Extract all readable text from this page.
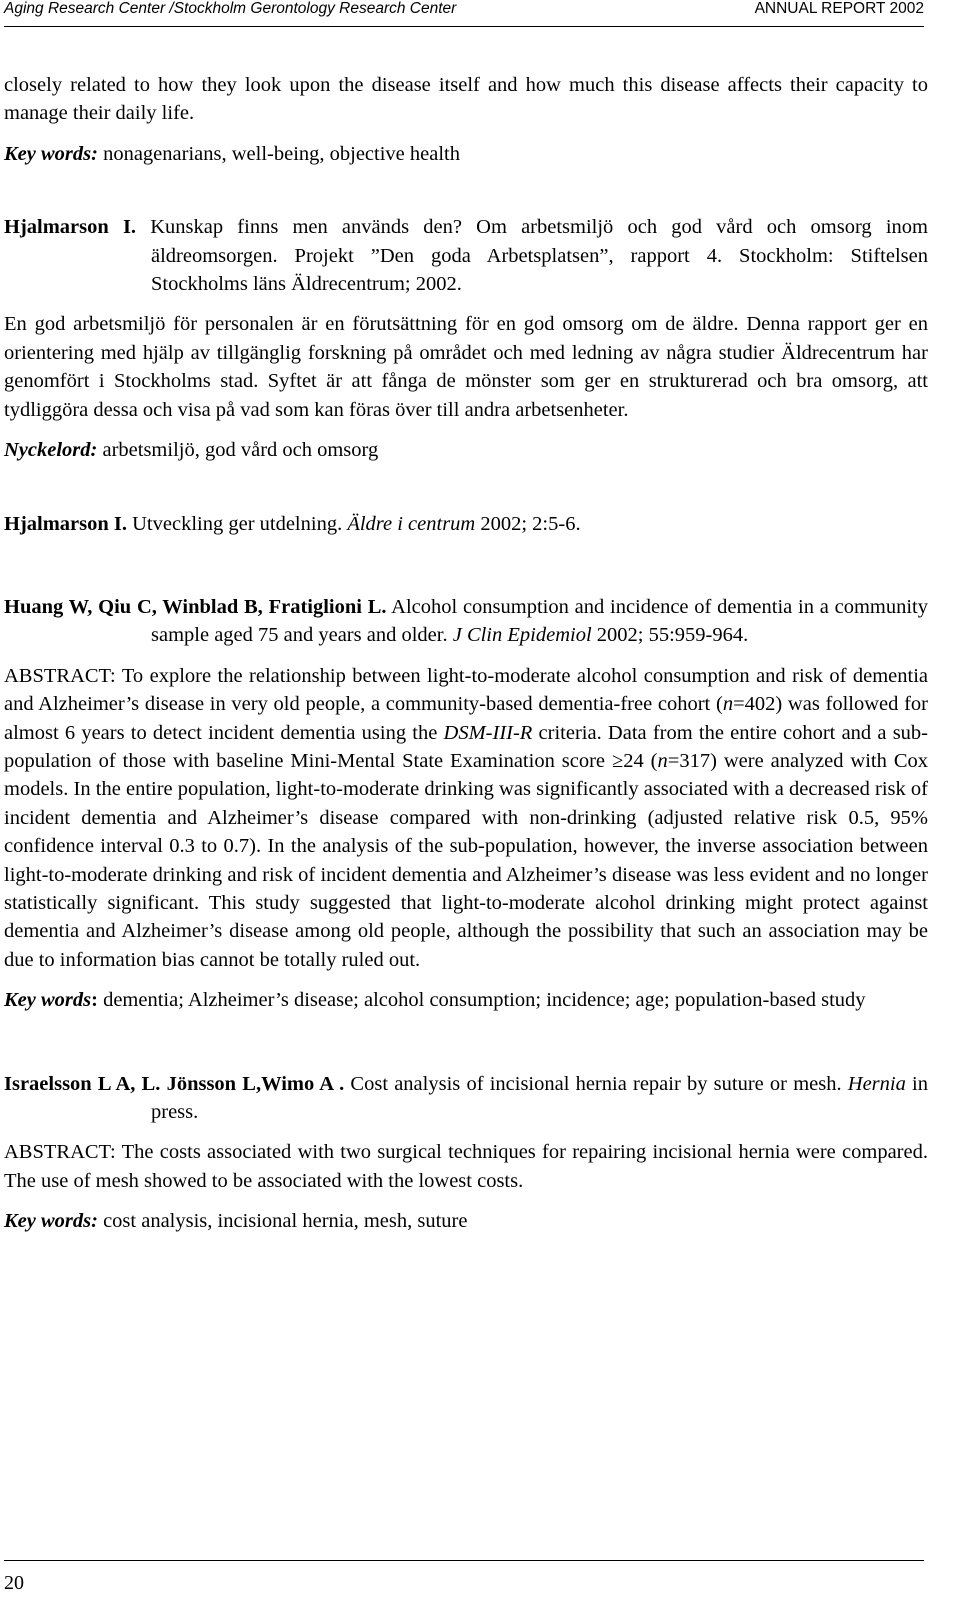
Aging Research Center /Stockholm Gerontology Research Center	ANNUAL REPORT 2002

closely related to how they look upon the disease itself and how much this disease affects their capacity to manage their daily life.

Key words: nonagenarians, well-being, objective health

Hjalmarson I. Kunskap finns men används den? Om arbetsmiljö och god vård och omsorg inom äldreomsorgen. Projekt ”Den goda Arbetsplatsen”, rapport 4. Stockholm: Stiftelsen Stockholms läns Äldrecentrum; 2002.

En god arbetsmiljö för personalen är en förutsättning för en god omsorg om de äldre. Denna rapport ger en orientering med hjälp av tillgänglig forskning på området och med ledning av några studier Äldrecentrum har genomfört i Stockholms stad. Syftet är att fånga de mönster som ger en strukturerad och bra omsorg, att tydliggöra dessa och visa på vad som kan föras över till andra arbetsenheter.

Nyckelord: arbetsmiljö, god vård och omsorg

Hjalmarson I. Utveckling ger utdelning. Äldre i centrum 2002; 2:5-6.

Huang W, Qiu C, Winblad B, Fratiglioni L. Alcohol consumption and incidence of dementia in a community sample aged 75 and years and older. J Clin Epidemiol 2002; 55:959-964.

ABSTRACT: To explore the relationship between light-to-moderate alcohol consumption and risk of dementia and Alzheimer’s disease in very old people, a community-based dementia-free cohort (n=402) was followed for almost 6 years to detect incident dementia using the DSM-III-R criteria. Data from the entire cohort and a sub-population of those with baseline Mini-Mental State Examination score ≥24 (n=317) were analyzed with Cox models. In the entire population, light-to-moderate drinking was significantly associated with a decreased risk of incident dementia and Alzheimer’s disease compared with non-drinking (adjusted relative risk 0.5, 95% confidence interval 0.3 to 0.7). In the analysis of the sub-population, however, the inverse association between light-to-moderate drinking and risk of incident dementia and Alzheimer’s disease was less evident and no longer statistically significant. This study suggested that light-to-moderate alcohol drinking might protect against dementia and Alzheimer’s disease among old people, although the possibility that such an association may be due to information bias cannot be totally ruled out.

Key words: dementia; Alzheimer’s disease; alcohol consumption; incidence; age; population-based study

Israelsson L A, L. Jönsson L,Wimo A . Cost analysis of incisional hernia repair by suture or mesh. Hernia in press.

ABSTRACT: The costs associated with two surgical techniques for repairing incisional hernia were compared. The use of mesh showed to be associated with the lowest costs.

Key words: cost analysis, incisional hernia, mesh, suture

20
